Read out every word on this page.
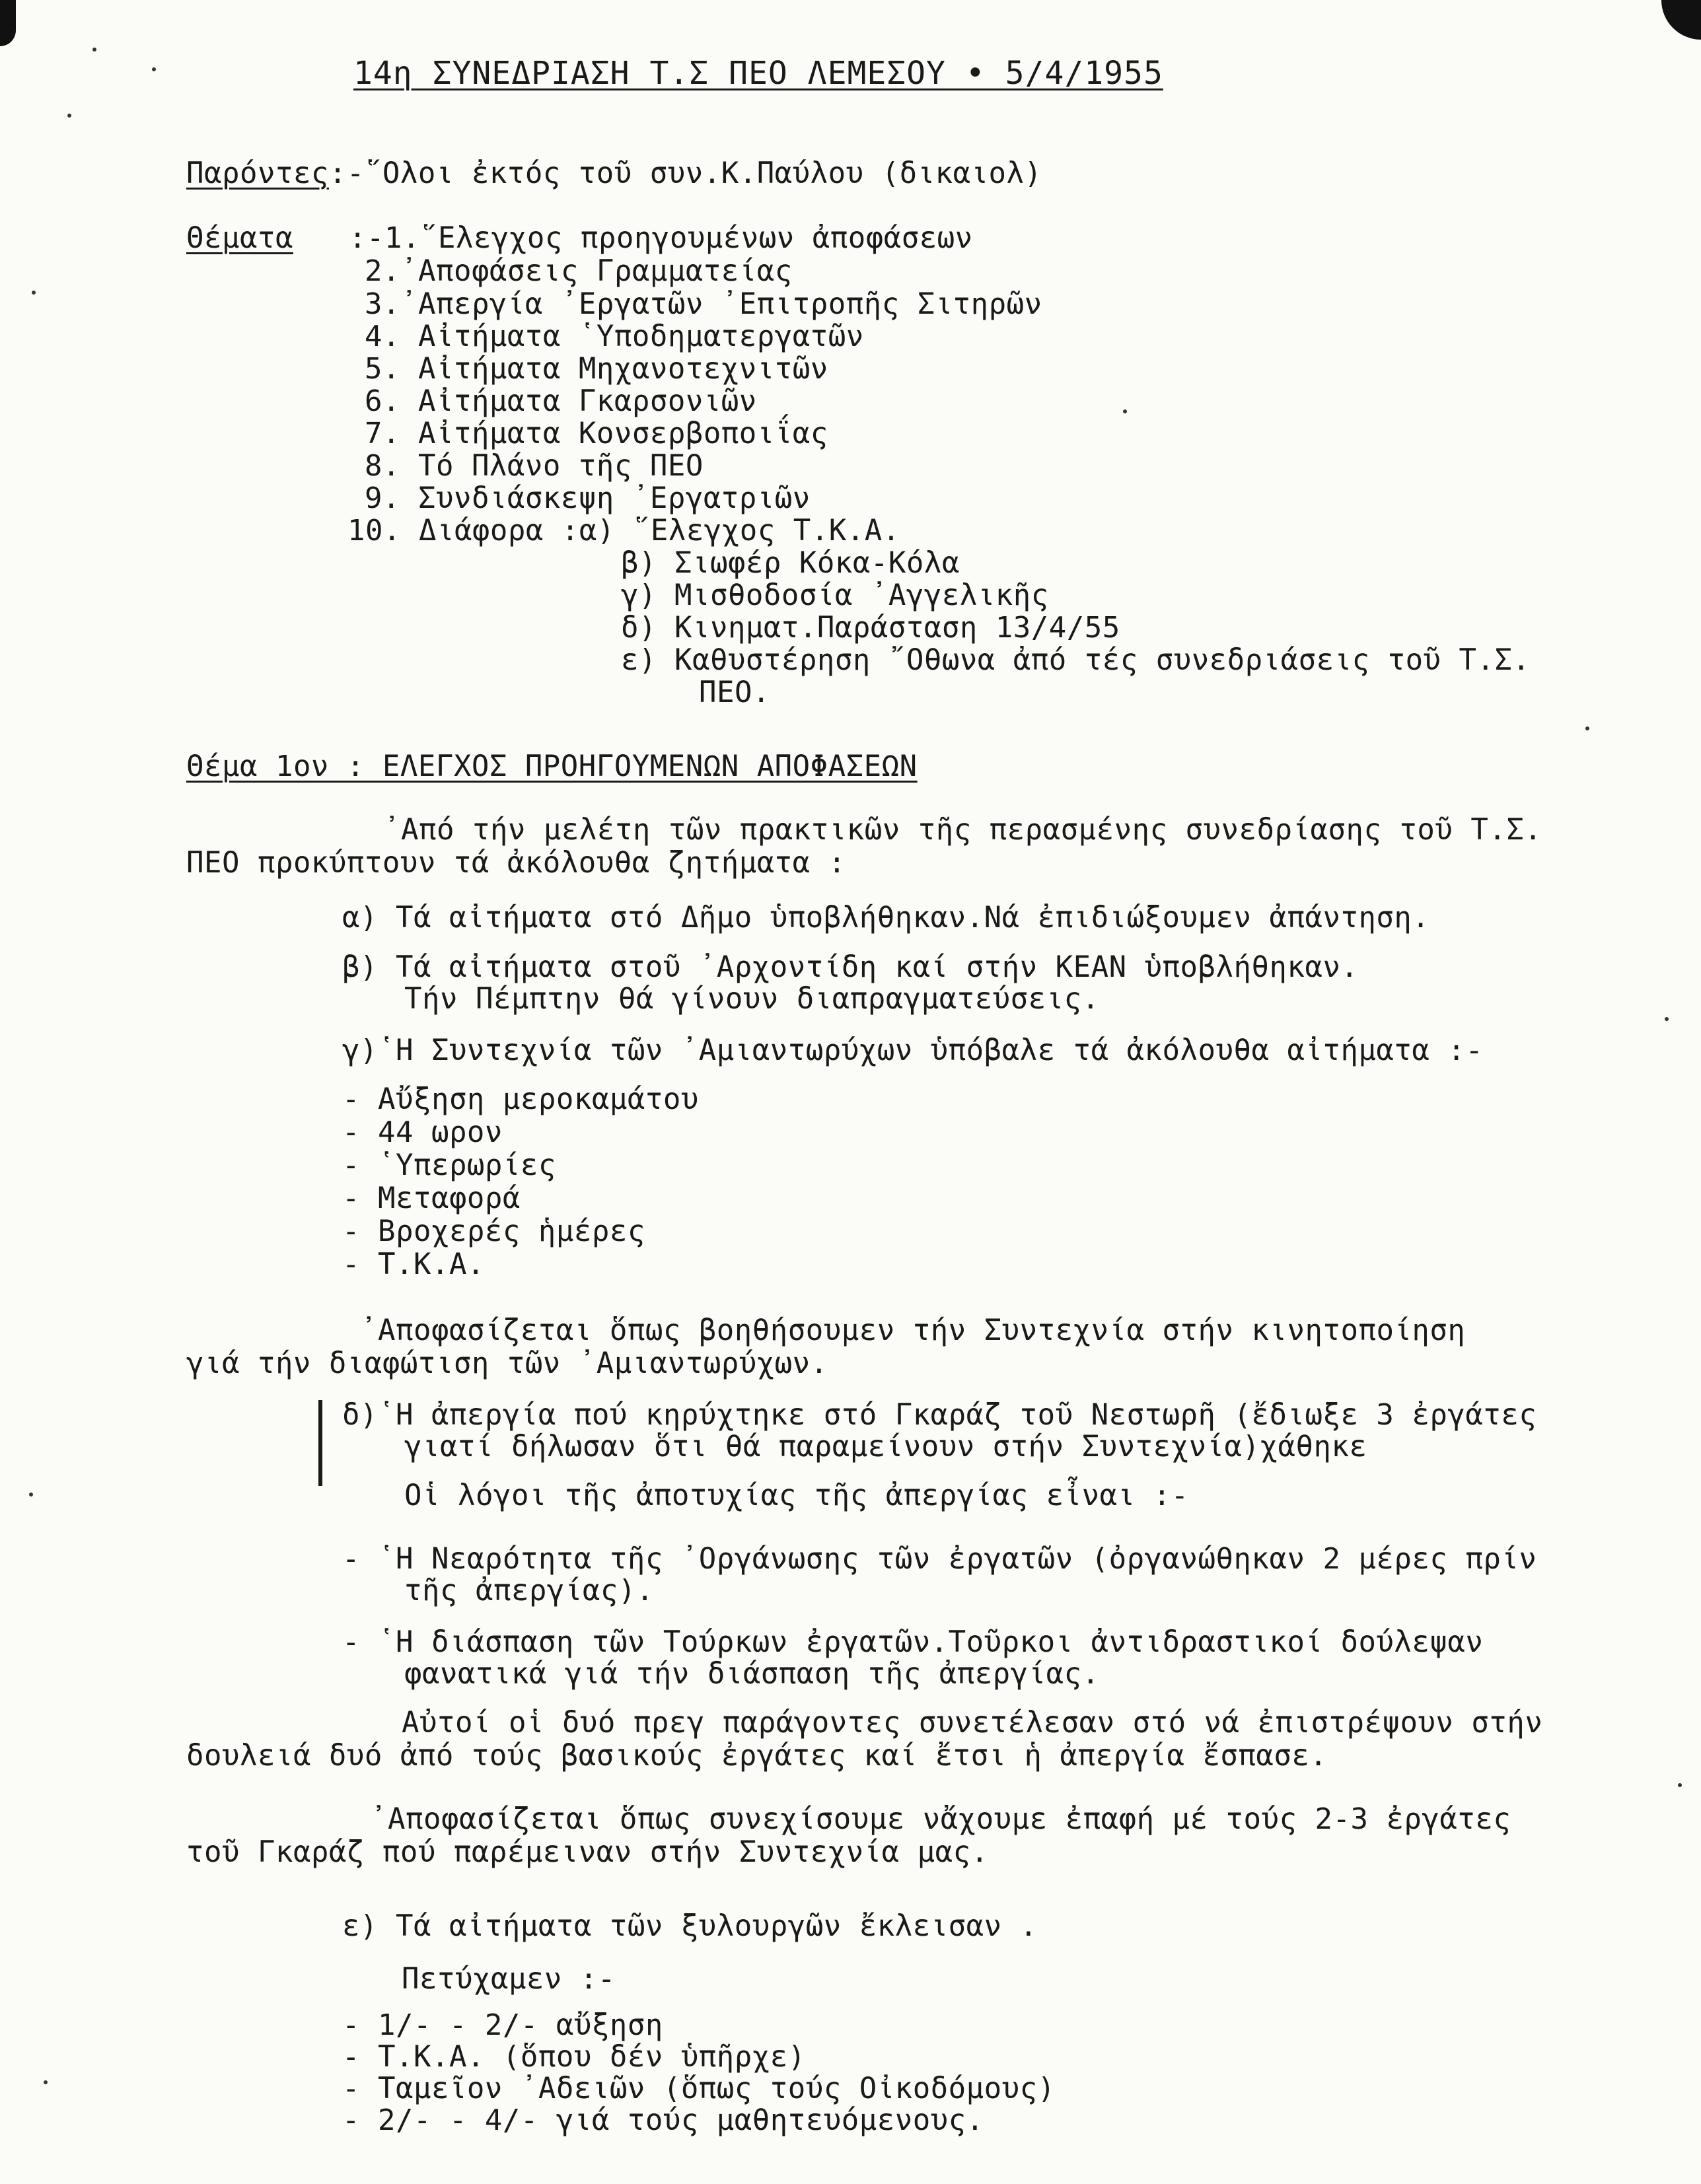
14η ΣΥΝΕΔΡΙΑΣΗ Τ.Σ ΠΕΟ ΛΕΜΕΣΟΥ • 5/4/1955
Παρόντες:-῞Ολοι ἐκτός τοῦ συν.Κ.Παύλου (δικαιολ)
Θέματα :-1.῞Ελεγχος προηγουμένων ἀποφάσεων
2.᾿Αποφάσεις Γραμματείας
3.᾿Απεργία ᾿Εργατῶν ᾿Επιτροπῆς Σιτηρῶν
4. Αἰτήματα ῾Υποδηματεργατῶν
5. Αἰτήματα Μηχανοτεχνιτῶν
6. Αἰτήματα Γκαρσονιῶν
7. Αἰτήματα Κονσερβοποιΐας
8. Τό Πλάνο τῆς ΠΕΟ
9. Συνδιάσκεψη ᾿Εργατριῶν
10. Διάφορα :α) ῞Ελεγχος Τ.Κ.Α.
β) Σιωφέρ Κόκα-Κόλα
γ) Μισθοδοσία ᾿Αγγελικῆς
δ) Κινηματ.Παράσταση 13/4/55
ε) Καθυστέρηση ῎Οθωνα ἀπό τές συνεδριάσεις τοῦ Τ.Σ.
ΠΕΟ.
Θέμα 1ον : ΕΛΕΓΧΟΣ ΠΡΟΗΓΟΥΜΕΝΩΝ ΑΠΟΦΑΣΕΩΝ
᾿Από τήν μελέτη τῶν πρακτικῶν τῆς περασμένης συνεδρίασης τοῦ Τ.Σ.
ΠΕΟ προκύπτουν τά ἀκόλουθα ζητήματα :
α) Τά αἰτήματα στό Δῆμο ὑποβλήθηκαν.Νά ἐπιδιώξουμεν ἀπάντηση.
β) Τά αἰτήματα στοῦ ᾿Αρχοντίδη καί στήν ΚΕΑΝ ὑποβλήθηκαν.
Τήν Πέμπτην θά γίνουν διαπραγματεύσεις.
γ)῾Η Συντεχνία τῶν ᾿Αμιαντωρύχων ὑπόβαλε τά ἀκόλουθα αἰτήματα :-
- Αὔξηση μεροκαμάτου
- 44 ωρον
- ῾Υπερωρίες
- Μεταφορά
- Βροχερές ἡμέρες
- Τ.Κ.Α.
᾿Αποφασίζεται ὅπως βοηθήσουμεν τήν Συντεχνία στήν κινητοποίηση
γιά τήν διαφώτιση τῶν ᾿Αμιαντωρύχων.
δ)῾Η ἀπεργία πού κηρύχτηκε στό Γκαράζ τοῦ Νεστωρῆ (ἔδιωξε 3 ἐργάτες
γιατί δήλωσαν ὅτι θά παραμείνουν στήν Συντεχνία)χάθηκε
Οἱ λόγοι τῆς ἀποτυχίας τῆς ἀπεργίας εἶναι :-
- ῾Η Νεαρότητα τῆς ᾿Οργάνωσης τῶν ἐργατῶν (ὀργανώθηκαν 2 μέρες πρίν
τῆς ἀπεργίας).
- ῾Η διάσπαση τῶν Τούρκων ἐργατῶν.Τοῦρκοι ἀντιδραστικοί δούλεψαν
φανατικά γιά τήν διάσπαση τῆς ἀπεργίας.
Αὐτοί οἱ δυό πρεγ παράγοντες συνετέλεσαν στό νά ἐπιστρέψουν στήν
δουλειά δυό ἀπό τούς βασικούς ἐργάτες καί ἔτσι ἡ ἀπεργία ἔσπασε.
᾿Αποφασίζεται ὅπως συνεχίσουμε νἄχουμε ἐπαφή μέ τούς 2-3 ἐργάτες
τοῦ Γκαράζ πού παρέμειναν στήν Συντεχνία μας.
ε) Τά αἰτήματα τῶν ξυλουργῶν ἔκλεισαν .
Πετύχαμεν :-
- 1/- - 2/- αὔξηση
- Τ.Κ.Α. (ὅπου δέν ὑπῆρχε)
- Ταμεῖον ᾿Αδειῶν (ὅπως τούς Οἰκοδόμους)
- 2/- - 4/- γιά τούς μαθητευόμενους.
